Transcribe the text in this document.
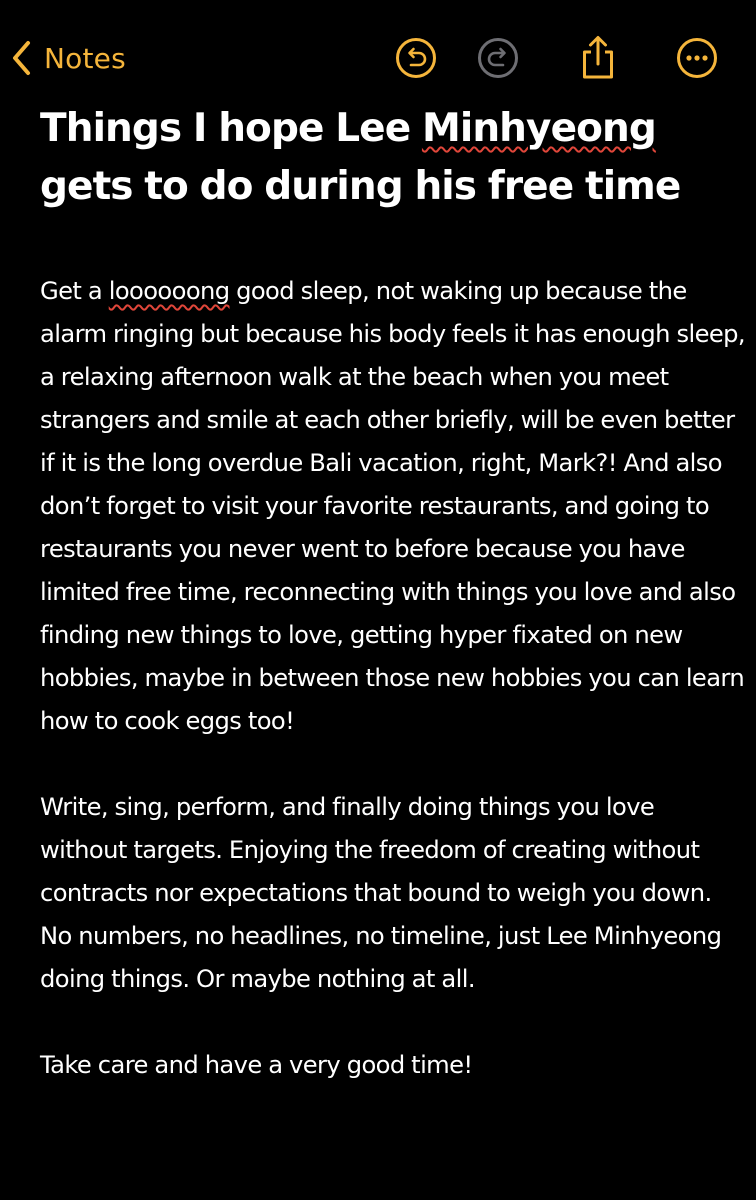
Notes
Things I hope Lee Minhyeong gets to do during his free time

Get a loooooong good sleep, not waking up because the alarm ringing but because his body feels it has enough sleep, a relaxing afternoon walk at the beach when you meet strangers and smile at each other briefly, will be even better if it is the long overdue Bali vacation, right, Mark?! And also don’t forget to visit your favorite restaurants, and going to restaurants you never went to before because you have limited free time, reconnecting with things you love and also finding new things to love, getting hyper fixated on new hobbies, maybe in between those new hobbies you can learn how to cook eggs too!

Write, sing, perform, and finally doing things you love without targets. Enjoying the freedom of creating without contracts nor expectations that bound to weigh you down. No numbers, no headlines, no timeline, just Lee Minhyeong doing things. Or maybe nothing at all.

Take care and have a very good time!
